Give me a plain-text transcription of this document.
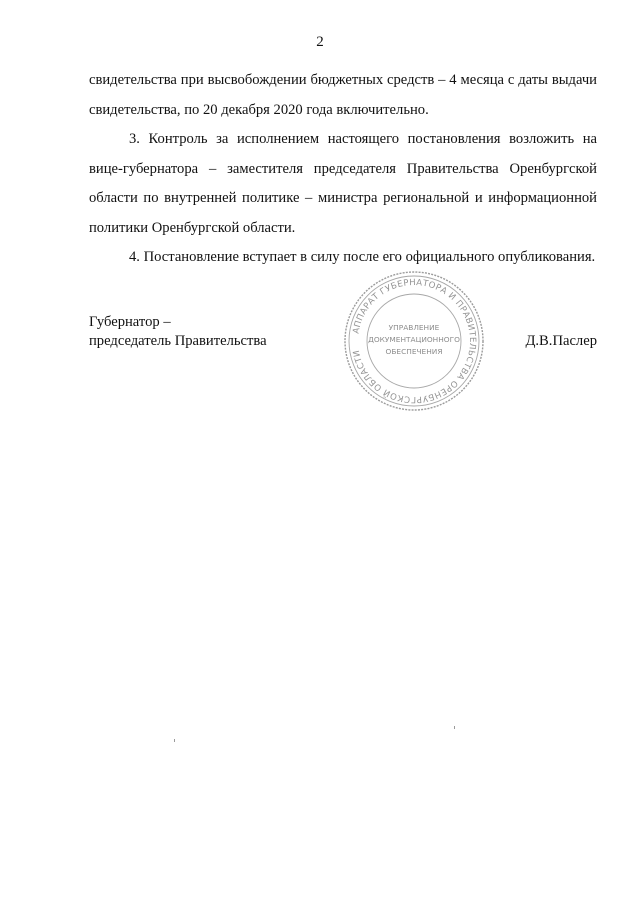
2

свидетельства при высвобождении бюджетных средств – 4 месяца с даты выдачи свидетельства, по 20 декабря 2020 года включительно.

3. Контроль за исполнением настоящего постановления возложить на вице-губернатора – заместителя председателя Правительства Оренбургской области по внутренней политике – министра региональной и информационной политики Оренбургской области.

4. Постановление вступает в силу после его официального опубликования.

Губернатор –
председатель Правительства	Д.В.Паслер
АППАРАТ ГУБЕРНАТОРА И ПРАВИТЕЛЬСТВА ОРЕНБУРГСКОЙ ОБЛАСТИ
УПРАВЛЕНИЕ
ДОКУМЕНТАЦИОННОГО
ОБЕСПЕЧЕНИЯ
